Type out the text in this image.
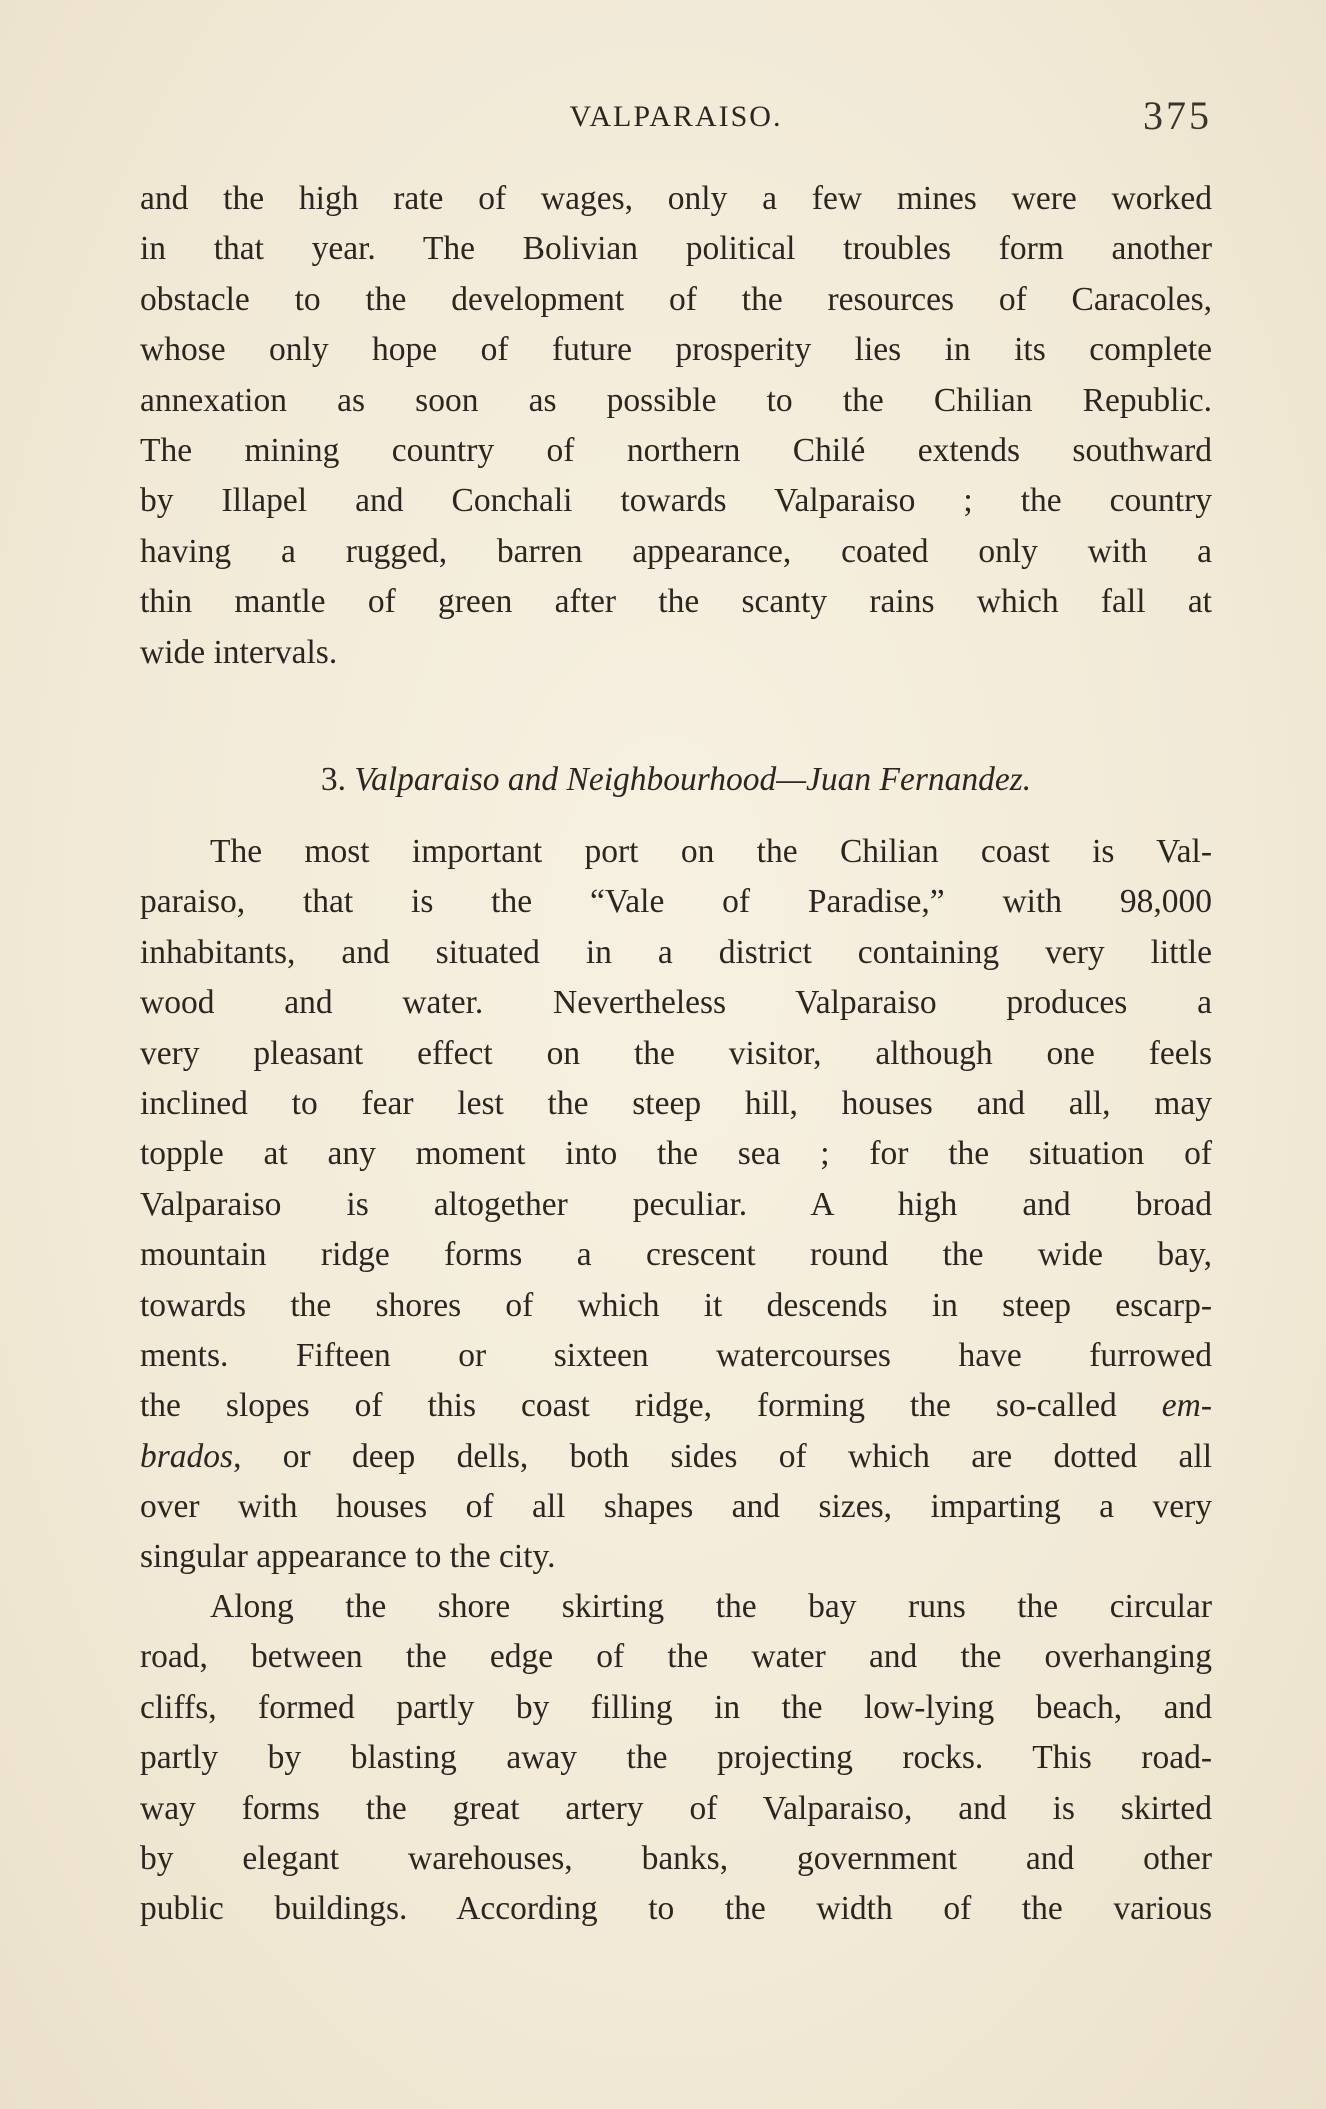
VALPARAISO.	375
and the high rate of wages, only a few mines were worked
in that year. The Bolivian political troubles form another
obstacle to the development of the resources of Caracoles,
whose only hope of future prosperity lies in its complete
annexation as soon as possible to the Chilian Republic.
The mining country of northern Chilé extends southward
by Illapel and Conchali towards Valparaiso ; the country
having a rugged, barren appearance, coated only with a
thin mantle of green after the scanty rains which fall at
wide intervals.
3. Valparaiso and Neighbourhood—Juan Fernandez.
The most important port on the Chilian coast is Val-
paraiso, that is the “Vale of Paradise,” with 98,000
inhabitants, and situated in a district containing very little
wood and water. Nevertheless Valparaiso produces a
very pleasant effect on the visitor, although one feels
inclined to fear lest the steep hill, houses and all, may
topple at any moment into the sea ; for the situation of
Valparaiso is altogether peculiar. A high and broad
mountain ridge forms a crescent round the wide bay,
towards the shores of which it descends in steep escarp-
ments. Fifteen or sixteen watercourses have furrowed
the slopes of this coast ridge, forming the so-called em-
brados, or deep dells, both sides of which are dotted all
over with houses of all shapes and sizes, imparting a very
singular appearance to the city.
Along the shore skirting the bay runs the circular
road, between the edge of the water and the overhanging
cliffs, formed partly by filling in the low-lying beach, and
partly by blasting away the projecting rocks. This road-
way forms the great artery of Valparaiso, and is skirted
by elegant warehouses, banks, government and other
public buildings. According to the width of the various
